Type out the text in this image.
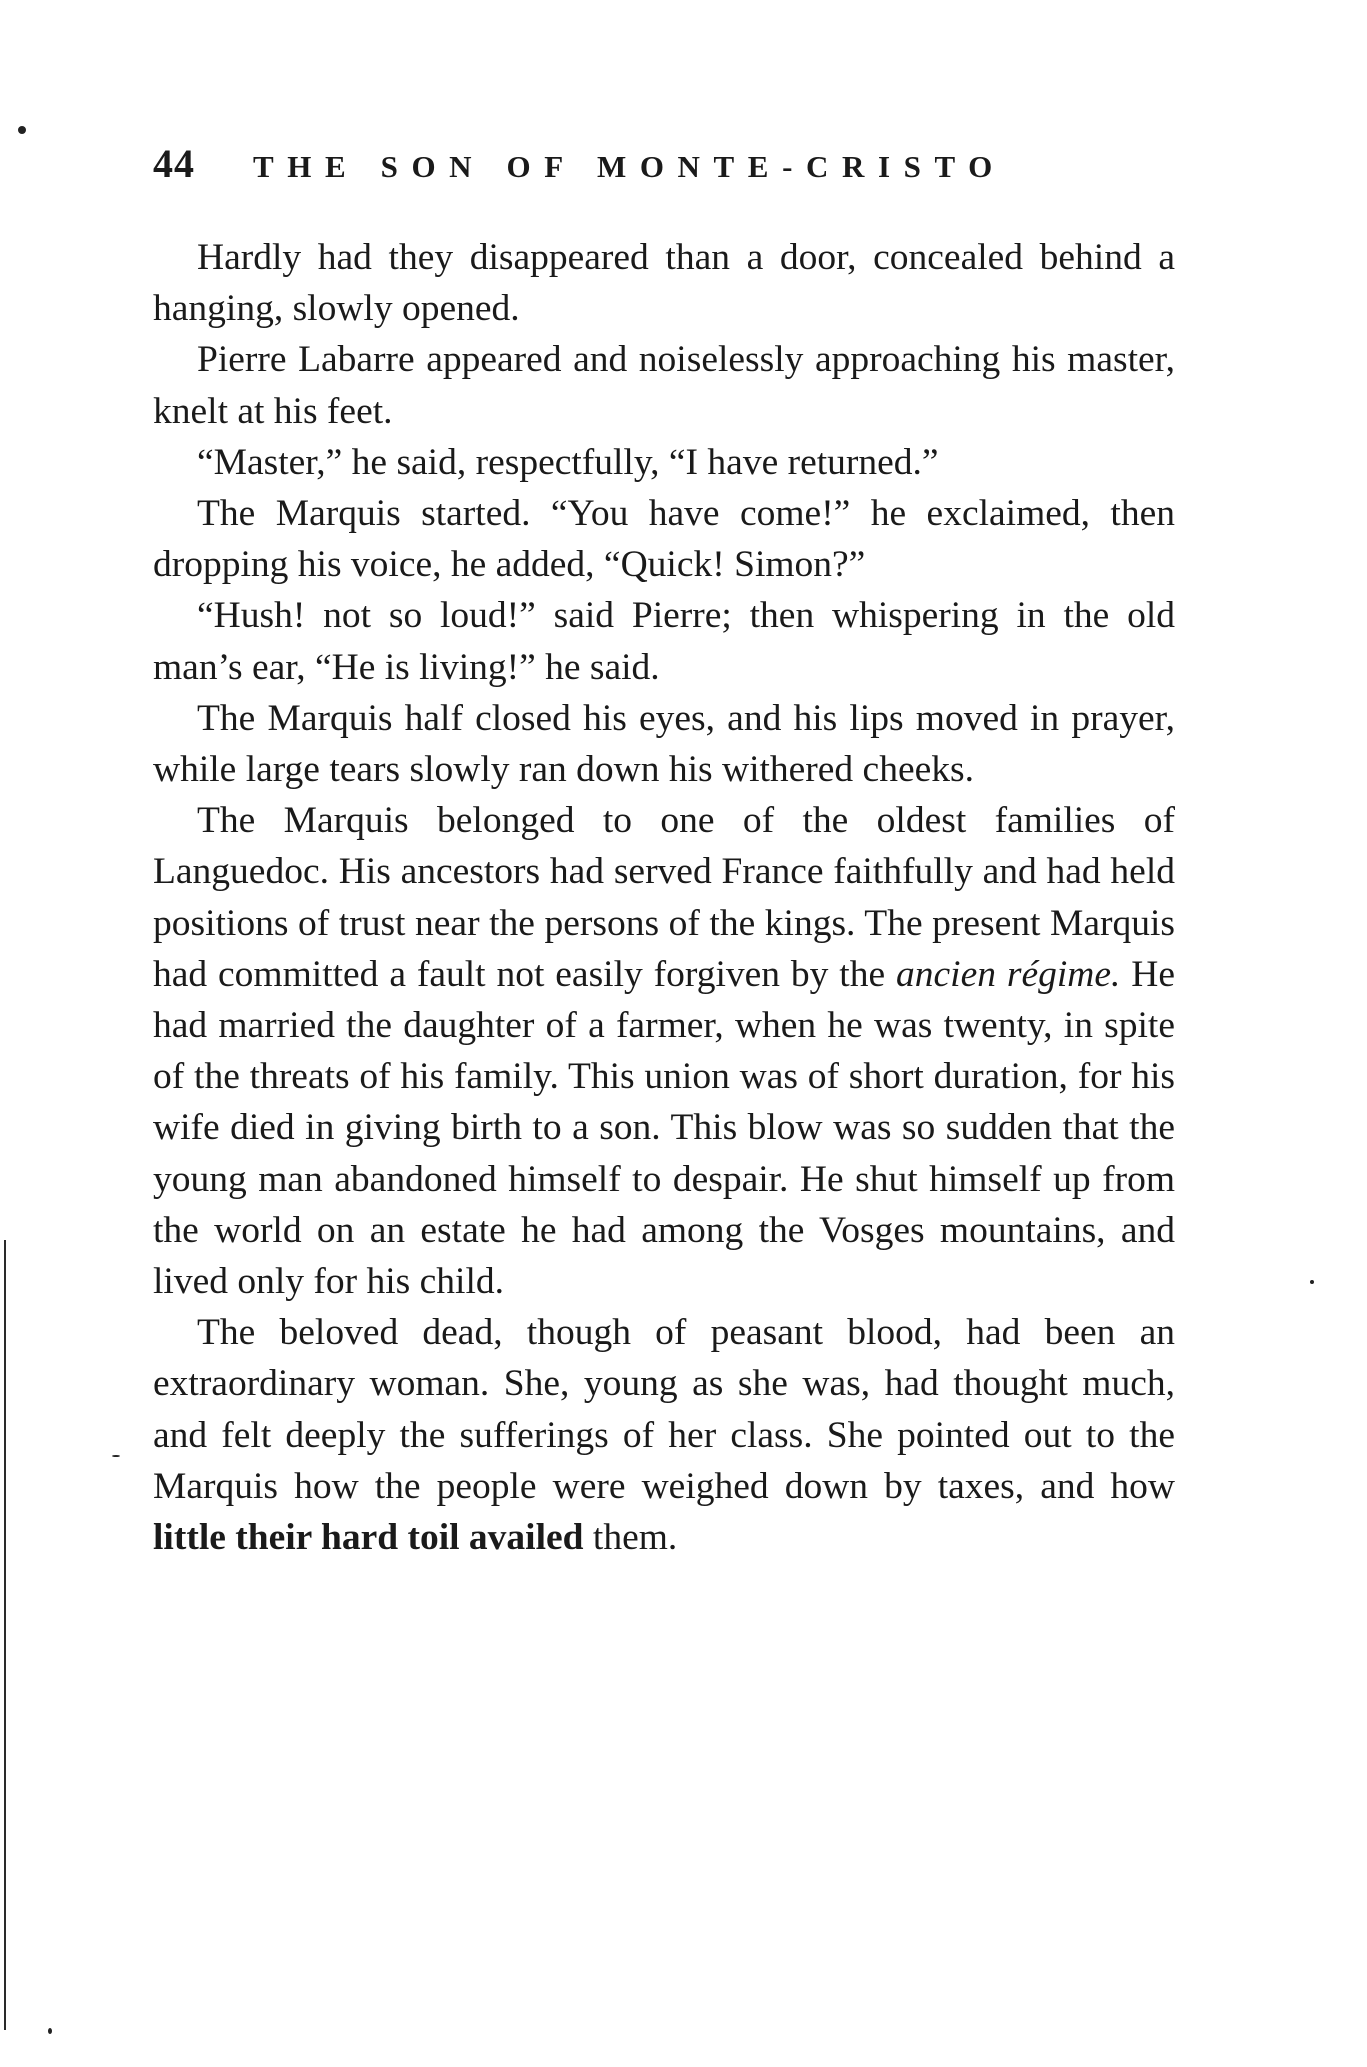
44 THE SON OF MONTE-CRISTO

Hardly had they disappeared than a door, concealed behind a hanging, slowly opened.

Pierre Labarre appeared and noiselessly approaching his master, knelt at his feet.

“Master,” he said, respectfully, “I have returned.”

The Marquis started. “You have come!” he exclaimed, then dropping his voice, he added, “Quick! Simon?”

“Hush! not so loud!” said Pierre; then whispering in the old man’s ear, “He is living!” he said.

The Marquis half closed his eyes, and his lips moved in prayer, while large tears slowly ran down his withered cheeks.

The Marquis belonged to one of the oldest families of Languedoc. His ancestors had served France faithfully and had held positions of trust near the persons of the kings. The present Marquis had committed a fault not easily forgiven by the ancien régime. He had married the daughter of a farmer, when he was twenty, in spite of the threats of his family. This union was of short duration, for his wife died in giving birth to a son. This blow was so sudden that the young man abandoned himself to despair. He shut himself up from the world on an estate he had among the Vosges mountains, and lived only for his child.

The beloved dead, though of peasant blood, had been an extraordinary woman. She, young as she was, had thought much, and felt deeply the sufferings of her class. She pointed out to the Marquis how the people were weighed down by taxes, and how little their hard toil availed them.
